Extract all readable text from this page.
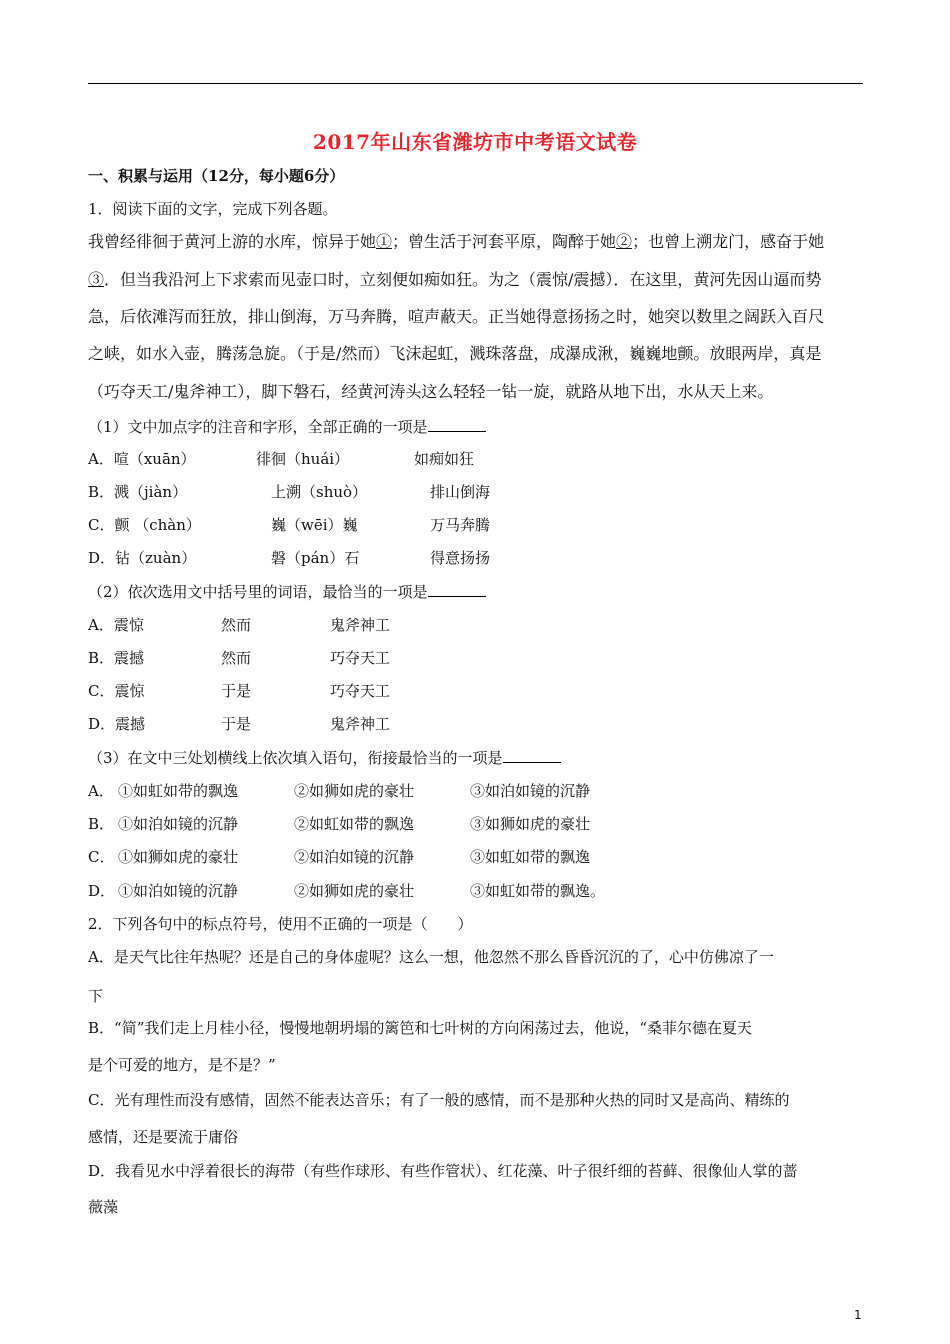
2017年山东省潍坊市中考语文试卷
一、积累与运用（12分，每小题6分）
1．阅读下面的文字，完成下列各题。
我曾经徘徊于黄河上游的水库，惊异于她①；曾生活于河套平原，陶醉于她②；也曾上溯龙门，感奋于她
③．但当我沿河上下求索而见壶口时，立刻便如痴如狂。为之（震惊/震撼）．在这里，黄河先因山逼而势
急，后依滩泻而狂放，排山倒海，万马奔腾，喧声蔽天。正当她得意扬扬之时，她突以数里之阔跃入百尺
之峡，如水入壶，腾荡急旋。（于是/然而）飞沫起虹，溅珠落盘，成瀑成湫，巍巍地颤。放眼两岸，真是
（巧夺天工/鬼斧神工），脚下磐石，经黄河涛头这么轻轻一钻一旋，就路从地下出，水从天上来。
（1）文中加点字的注音和字形，全部正确的一项是
A．喧（xuān）	徘徊（huái）	如痴如狂
B．溅（jiàn）	上溯（shuò）	排山倒海
C．颤 （chàn）	巍（wēi）巍	万马奔腾
D．钻（zuàn）	磐（pán）石	得意扬扬
（2）依次选用文中括号里的词语，最恰当的一项是
A．震惊	然而	鬼斧神工
B．震撼	然而	巧夺天工
C．震惊	于是	巧夺天工
D．震撼	于是	鬼斧神工
（3）在文中三处划横线上依次填入语句，衔接最恰当的一项是
A． ①如虹如带的飘逸	②如狮如虎的豪壮	③如泊如镜的沉静
B． ①如泊如镜的沉静	②如虹如带的飘逸	③如狮如虎的豪壮
C． ①如狮如虎的豪壮	②如泊如镜的沉静	③如虹如带的飘逸
D． ①如泊如镜的沉静	②如狮如虎的豪壮	③如虹如带的飘逸。
2．下列各句中的标点符号，使用不正确的一项是（　　）
A．是天气比往年热呢？还是自己的身体虚呢？这么一想，他忽然不那么昏昏沉沉的了，心中仿佛凉了一
下
B．“简”我们走上月桂小径，慢慢地朝坍塌的篱笆和七叶树的方向闲荡过去，他说，“桑菲尔德在夏天
是个可爱的地方，是不是？”
C．光有理性而没有感情，固然不能表达音乐；有了一般的感情，而不是那种火热的同时又是高尚、精练的
感情，还是要流于庸俗
D．我看见水中浮着很长的海带（有些作球形、有些作管状）、红花藻、叶子很纤细的苔藓、很像仙人掌的蔷
薇藻
1
